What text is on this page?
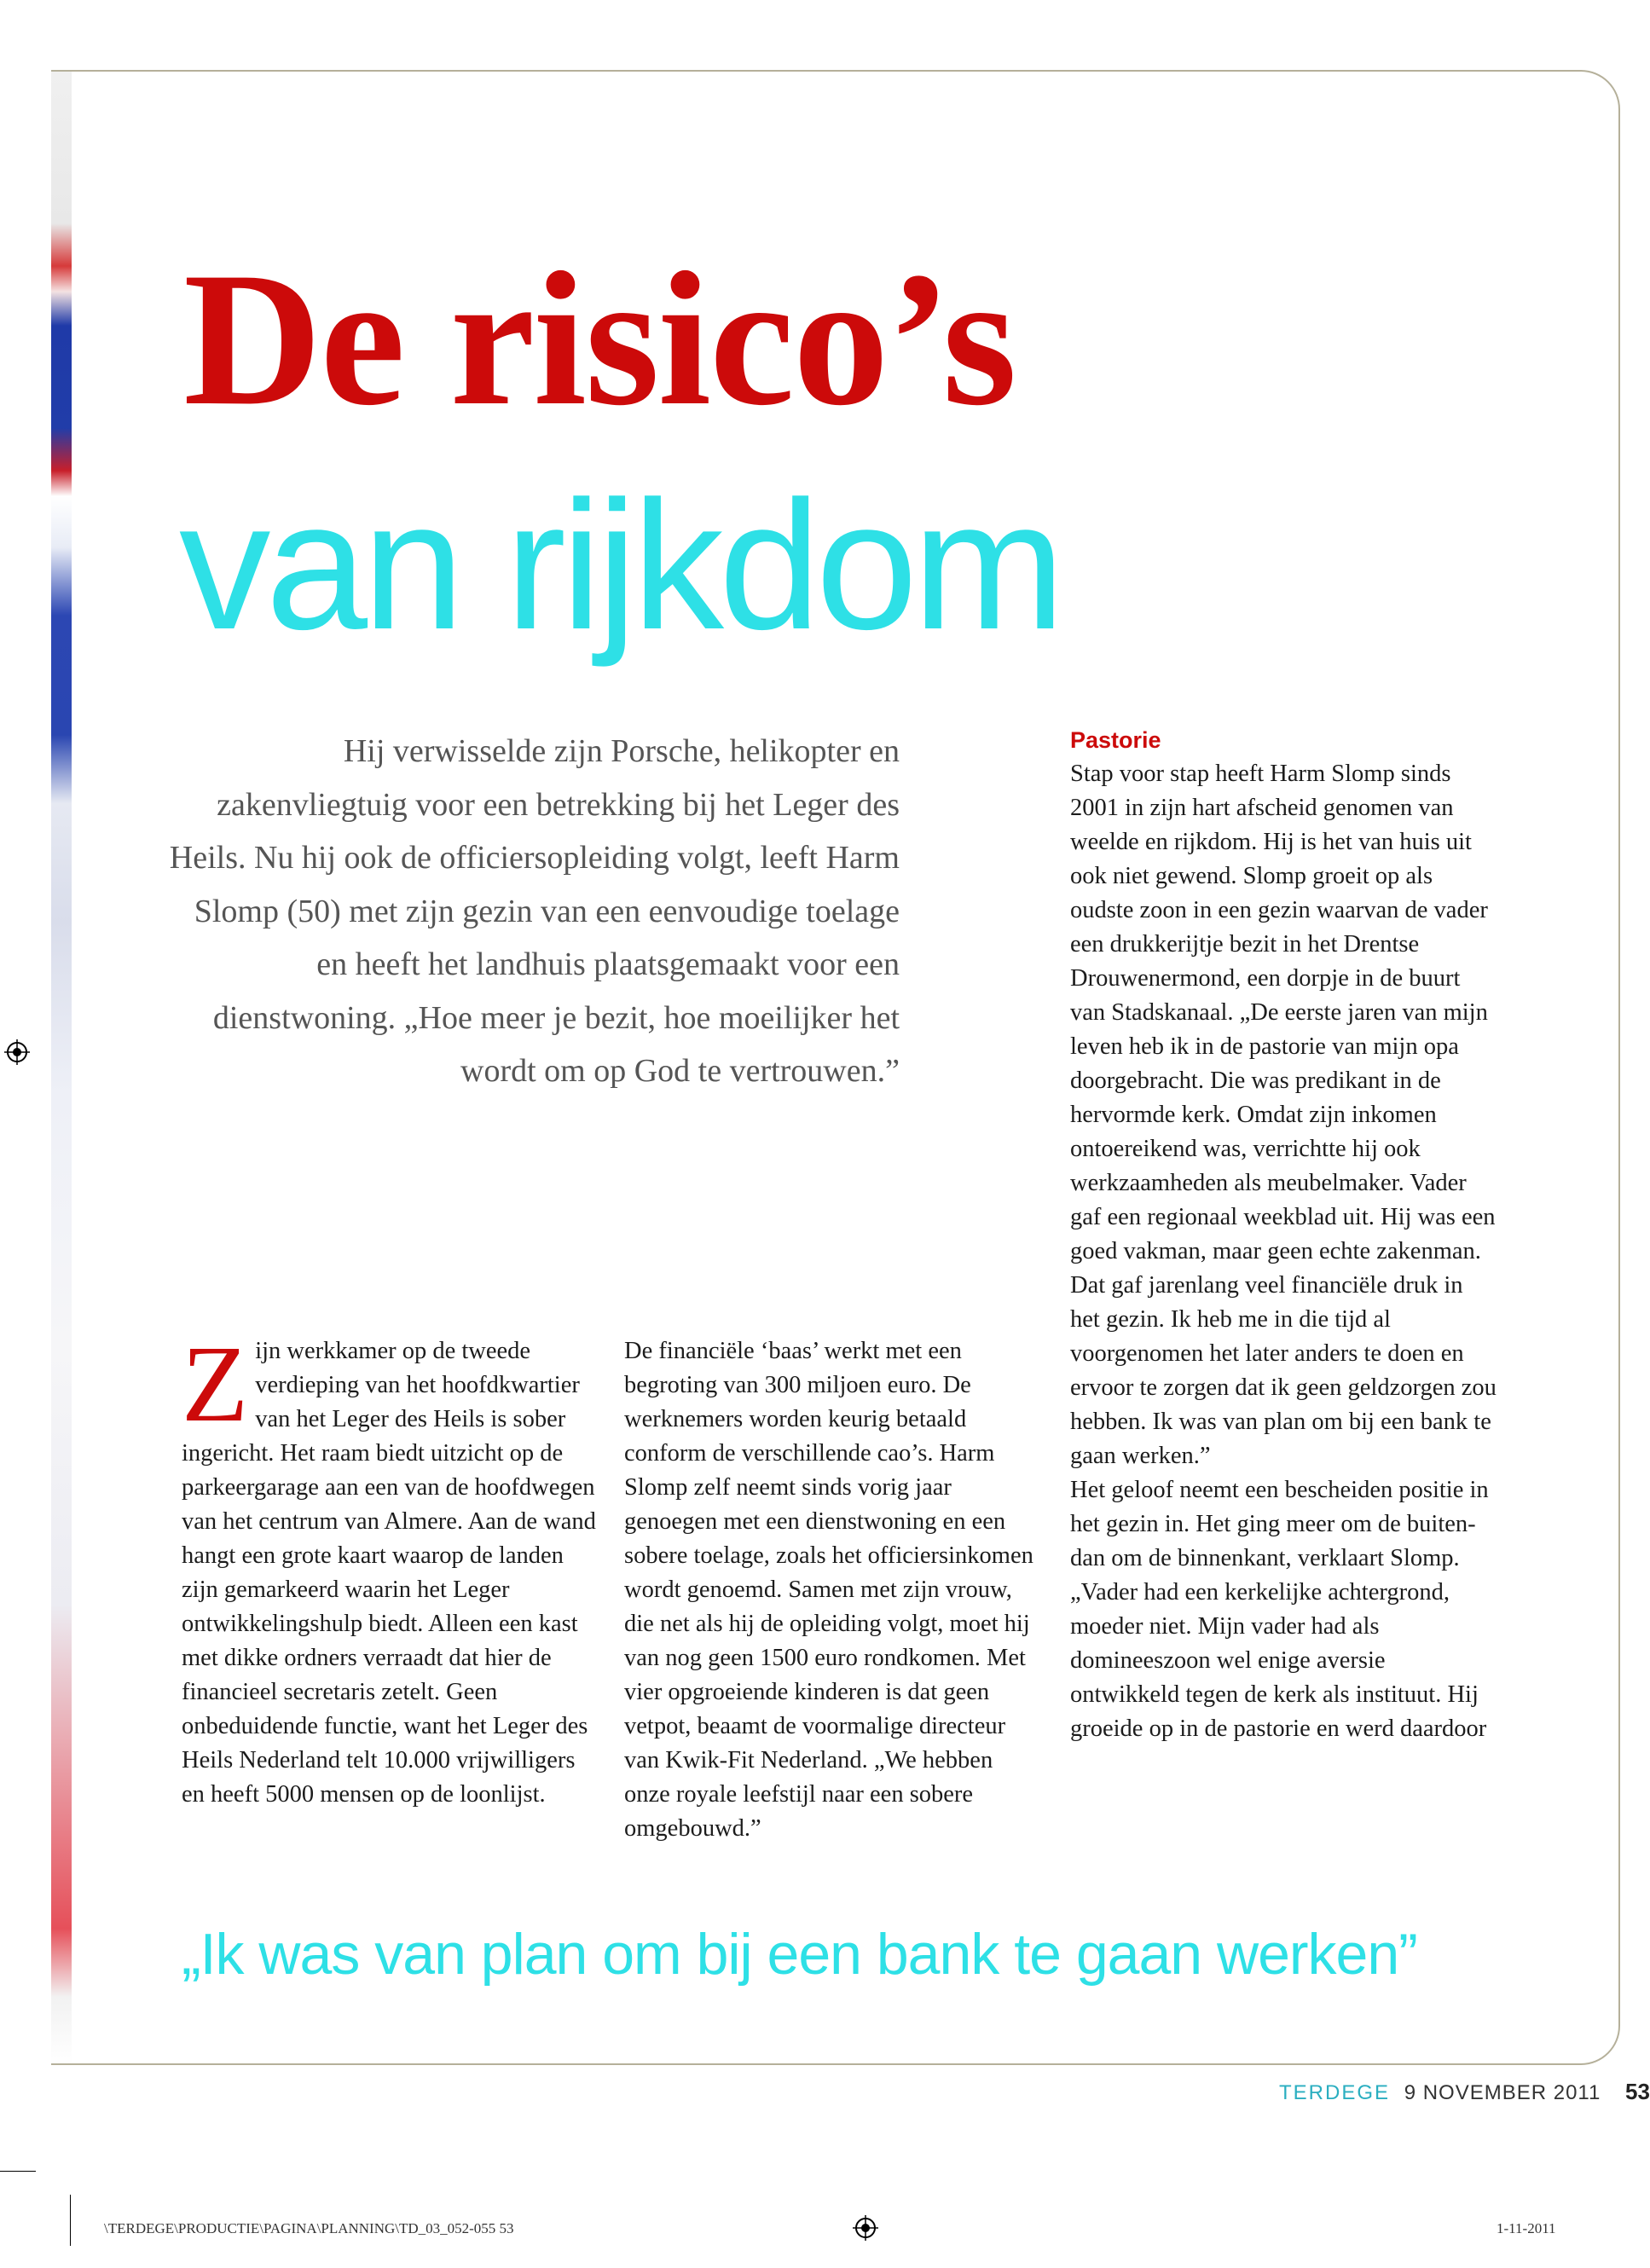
De risico’s
van rijkdom

Hij verwisselde zijn Porsche, helikopter en zakenvliegtuig voor een betrekking bij het Leger des Heils. Nu hij ook de officiersopleiding volgt, leeft Harm Slomp (50) met zijn gezin van een eenvoudige toelage en heeft het landhuis plaatsgemaakt voor een dienstwoning. „Hoe meer je bezit, hoe moeilijker het wordt om op God te vertrouwen.”

Zijn werkkamer op de tweede verdieping van het hoofdkwartier van het Leger des Heils is sober ingericht. Het raam biedt uitzicht op de parkeergarage aan een van de hoofdwegen van het centrum van Almere. Aan de wand hangt een grote kaart waarop de landen zijn gemarkeerd waarin het Leger ontwikkelingshulp biedt. Alleen een kast met dikke ordners verraadt dat hier de financieel secretaris zetelt. Geen onbeduidende functie, want het Leger des Heils Nederland telt 10.000 vrijwilligers en heeft 5000 mensen op de loonlijst.
De financiële ‘baas’ werkt met een begroting van 300 miljoen euro. De werknemers worden keurig betaald conform de verschillende cao’s. Harm Slomp zelf neemt sinds vorig jaar genoegen met een dienstwoning en een sobere toelage, zoals het officiersinkomen wordt genoemd. Samen met zijn vrouw, die net als hij de opleiding volgt, moet hij van nog geen 1500 euro rondkomen. Met vier opgroeiende kinderen is dat geen vetpot, beaamt de voormalige directeur van Kwik-Fit Nederland. „We hebben onze royale leefstijl naar een sobere omgebouwd.”
Pastorie
Stap voor stap heeft Harm Slomp sinds 2001 in zijn hart afscheid genomen van weelde en rijkdom. Hij is het van huis uit ook niet gewend. Slomp groeit op als oudste zoon in een gezin waarvan de vader een drukkerijtje bezit in het Drentse Drouwenermond, een dorpje in de buurt van Stadskanaal. „De eerste jaren van mijn leven heb ik in de pastorie van mijn opa doorgebracht. Die was predikant in de hervormde kerk. Omdat zijn inkomen ontoereikend was, verrichtte hij ook werkzaamheden als meubelmaker. Vader gaf een regionaal weekblad uit. Hij was een goed vakman, maar geen echte zakenman. Dat gaf jarenlang veel financiële druk in het gezin. Ik heb me in die tijd al voorgenomen het later anders te doen en ervoor te zorgen dat ik geen geldzorgen zou hebben. Ik was van plan om bij een bank te gaan werken.”
Het geloof neemt een bescheiden positie in het gezin in. Het ging meer om de buiten- dan om de binnenkant, verklaart Slomp. „Vader had een kerkelijke achtergrond, moeder niet. Mijn vader had als domineeszoon wel enige aversie ontwikkeld tegen de kerk als instituut. Hij groeide op in de pastorie en werd daardoor

„Ik was van plan om bij een bank te gaan werken”

TERDEGE 9 NOVEMBER 2011 53
\TERDEGE\PRODUCTIE\PAGINA\PLANNING\TD_03_052-055 53	1-11-2011
